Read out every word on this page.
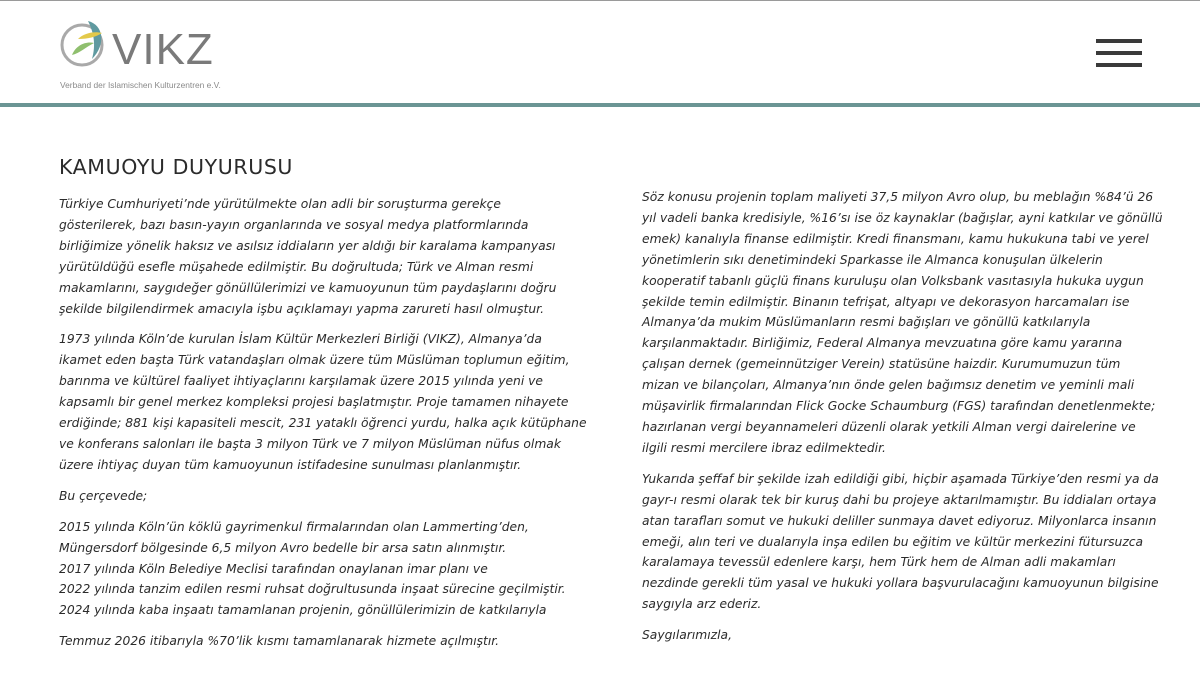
VIKZ
Verband der Islamischen Kulturzentren e.V.
KAMUOYU DUYURUSU

Türkiye Cumhuriyeti’nde yürütülmekte olan adli bir soruşturma gerekçe
gösterilerek, bazı basın-yayın organlarında ve sosyal medya platformlarında
birliğimize yönelik haksız ve asılsız iddiaların yer aldığı bir karalama kampanyası
yürütüldüğü esefle müşahede edilmiştir. Bu doğrultuda; Türk ve Alman resmi
makamlarını, saygıdeğer gönüllülerimizi ve kamuoyunun tüm paydaşlarını doğru
şekilde bilgilendirmek amacıyla işbu açıklamayı yapma zarureti hasıl olmuştur.

1973 yılında Köln’de kurulan İslam Kültür Merkezleri Birliği (VIKZ), Almanya’da
ikamet eden başta Türk vatandaşları olmak üzere tüm Müslüman toplumun eğitim,
barınma ve kültürel faaliyet ihtiyaçlarını karşılamak üzere 2015 yılında yeni ve
kapsamlı bir genel merkez kompleksi projesi başlatmıştır. Proje tamamen nihayete
erdiğinde; 881 kişi kapasiteli mescit, 231 yataklı öğrenci yurdu, halka açık kütüphane
ve konferans salonları ile başta 3 milyon Türk ve 7 milyon Müslüman nüfus olmak
üzere ihtiyaç duyan tüm kamuoyunun istifadesine sunulması planlanmıştır.

Bu çerçevede;

2015 yılında Köln’ün köklü gayrimenkul firmalarından olan Lammerting’den,
Müngersdorf bölgesinde 6,5 milyon Avro bedelle bir arsa satın alınmıştır.
2017 yılında Köln Belediye Meclisi tarafından onaylanan imar planı ve
2022 yılında tanzim edilen resmi ruhsat doğrultusunda inşaat sürecine geçilmiştir.
2024 yılında kaba inşaatı tamamlanan projenin, gönüllülerimizin de katkılarıyla

Temmuz 2026 itibarıyla %70’lik kısmı tamamlanarak hizmete açılmıştır.

Söz konusu projenin toplam maliyeti 37,5 milyon Avro olup, bu meblağın %84’ü 26
yıl vadeli banka kredisiyle, %16’sı ise öz kaynaklar (bağışlar, ayni katkılar ve gönüllü
emek) kanalıyla finanse edilmiştir. Kredi finansmanı, kamu hukukuna tabi ve yerel
yönetimlerin sıkı denetimindeki Sparkasse ile Almanca konuşulan ülkelerin
kooperatif tabanlı güçlü finans kuruluşu olan Volksbank vasıtasıyla hukuka uygun
şekilde temin edilmiştir. Binanın tefrişat, altyapı ve dekorasyon harcamaları ise
Almanya’da mukim Müslümanların resmi bağışları ve gönüllü katkılarıyla
karşılanmaktadır. Birliğimiz, Federal Almanya mevzuatına göre kamu yararına
çalışan dernek (gemeinnütziger Verein) statüsüne haizdir. Kurumumuzun tüm
mizan ve bilançoları, Almanya’nın önde gelen bağımsız denetim ve yeminli mali
müşavirlik firmalarından Flick Gocke Schaumburg (FGS) tarafından denetlenmekte;
hazırlanan vergi beyannameleri düzenli olarak yetkili Alman vergi dairelerine ve
ilgili resmi mercilere ibraz edilmektedir.

Yukarıda şeffaf bir şekilde izah edildiği gibi, hiçbir aşamada Türkiye’den resmi ya da
gayr-ı resmi olarak tek bir kuruş dahi bu projeye aktarılmamıştır. Bu iddiaları ortaya
atan tarafları somut ve hukuki deliller sunmaya davet ediyoruz. Milyonlarca insanın
emeği, alın teri ve dualarıyla inşa edilen bu eğitim ve kültür merkezini fütursuzca
karalamaya tevessül edenlere karşı, hem Türk hem de Alman adli makamları
nezdinde gerekli tüm yasal ve hukuki yollara başvurulacağını kamuoyunun bilgisine
saygıyla arz ederiz.

Saygılarımızla,
